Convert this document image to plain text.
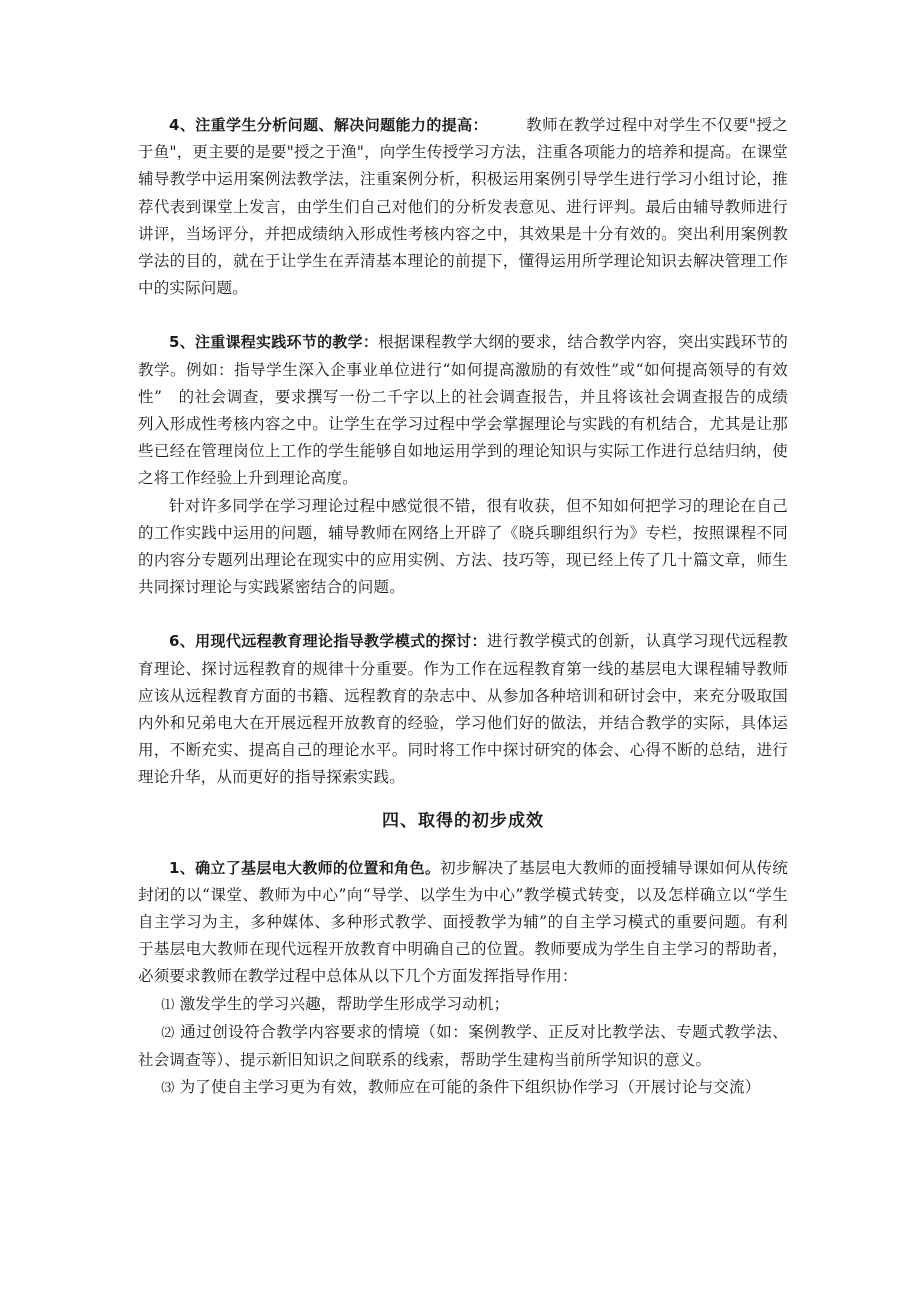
4、注重学生分析问题、解决问题能力的提高： 教师在教学过程中对学生不仅要"授之于鱼"，更主要的是要"授之于渔"，向学生传授学习方法，注重各项能力的培养和提高。在课堂辅导教学中运用案例法教学法，注重案例分析，积极运用案例引导学生进行学习小组讨论，推荐代表到课堂上发言，由学生们自己对他们的分析发表意见、进行评判。最后由辅导教师进行讲评，当场评分，并把成绩纳入形成性考核内容之中，其效果是十分有效的。突出利用案例教学法的目的，就在于让学生在弄清基本理论的前提下，懂得运用所学理论知识去解决管理工作中的实际问题。

5、注重课程实践环节的教学：根据课程教学大纲的要求，结合教学内容，突出实践环节的教学。例如：指导学生深入企事业单位进行“如何提高激励的有效性”或“如何提高领导的有效性”　的社会调查，要求撰写一份二千字以上的社会调查报告，并且将该社会调查报告的成绩列入形成性考核内容之中。让学生在学习过程中学会掌握理论与实践的有机结合，尤其是让那些已经在管理岗位上工作的学生能够自如地运用学到的理论知识与实际工作进行总结归纳，使之将工作经验上升到理论高度。

针对许多同学在学习理论过程中感觉很不错，很有收获，但不知如何把学习的理论在自己的工作实践中运用的问题，辅导教师在网络上开辟了《晓兵聊组织行为》专栏，按照课程不同的内容分专题列出理论在现实中的应用实例、方法、技巧等，现已经上传了几十篇文章，师生共同探讨理论与实践紧密结合的问题。

6、用现代远程教育理论指导教学模式的探讨：进行教学模式的创新，认真学习现代远程教育理论、探讨远程教育的规律十分重要。作为工作在远程教育第一线的基层电大课程辅导教师应该从远程教育方面的书籍、远程教育的杂志中、从参加各种培训和研讨会中，来充分吸取国内外和兄弟电大在开展远程开放教育的经验，学习他们好的做法，并结合教学的实际，具体运用，不断充实、提高自己的理论水平。同时将工作中探讨研究的体会、心得不断的总结，进行理论升华，从而更好的指导探索实践。

四、取得的初步成效

1、确立了基层电大教师的位置和角色。初步解决了基层电大教师的面授辅导课如何从传统封闭的以“课堂、教师为中心”向“导学、以学生为中心”教学模式转变，以及怎样确立以“学生自主学习为主，多种媒体、多种形式教学、面授教学为辅”的自主学习模式的重要问题。有利于基层电大教师在现代远程开放教育中明确自己的位置。教师要成为学生自主学习的帮助者，必须要求教师在教学过程中总体从以下几个方面发挥指导作用：

⑴ 激发学生的学习兴趣，帮助学生形成学习动机；

⑵ 通过创设符合教学内容要求的情境（如：案例教学、正反对比教学法、专题式教学法、社会调查等）、提示新旧知识之间联系的线索，帮助学生建构当前所学知识的意义。

⑶ 为了使自主学习更为有效，教师应在可能的条件下组织协作学习（开展讨论与交流）
